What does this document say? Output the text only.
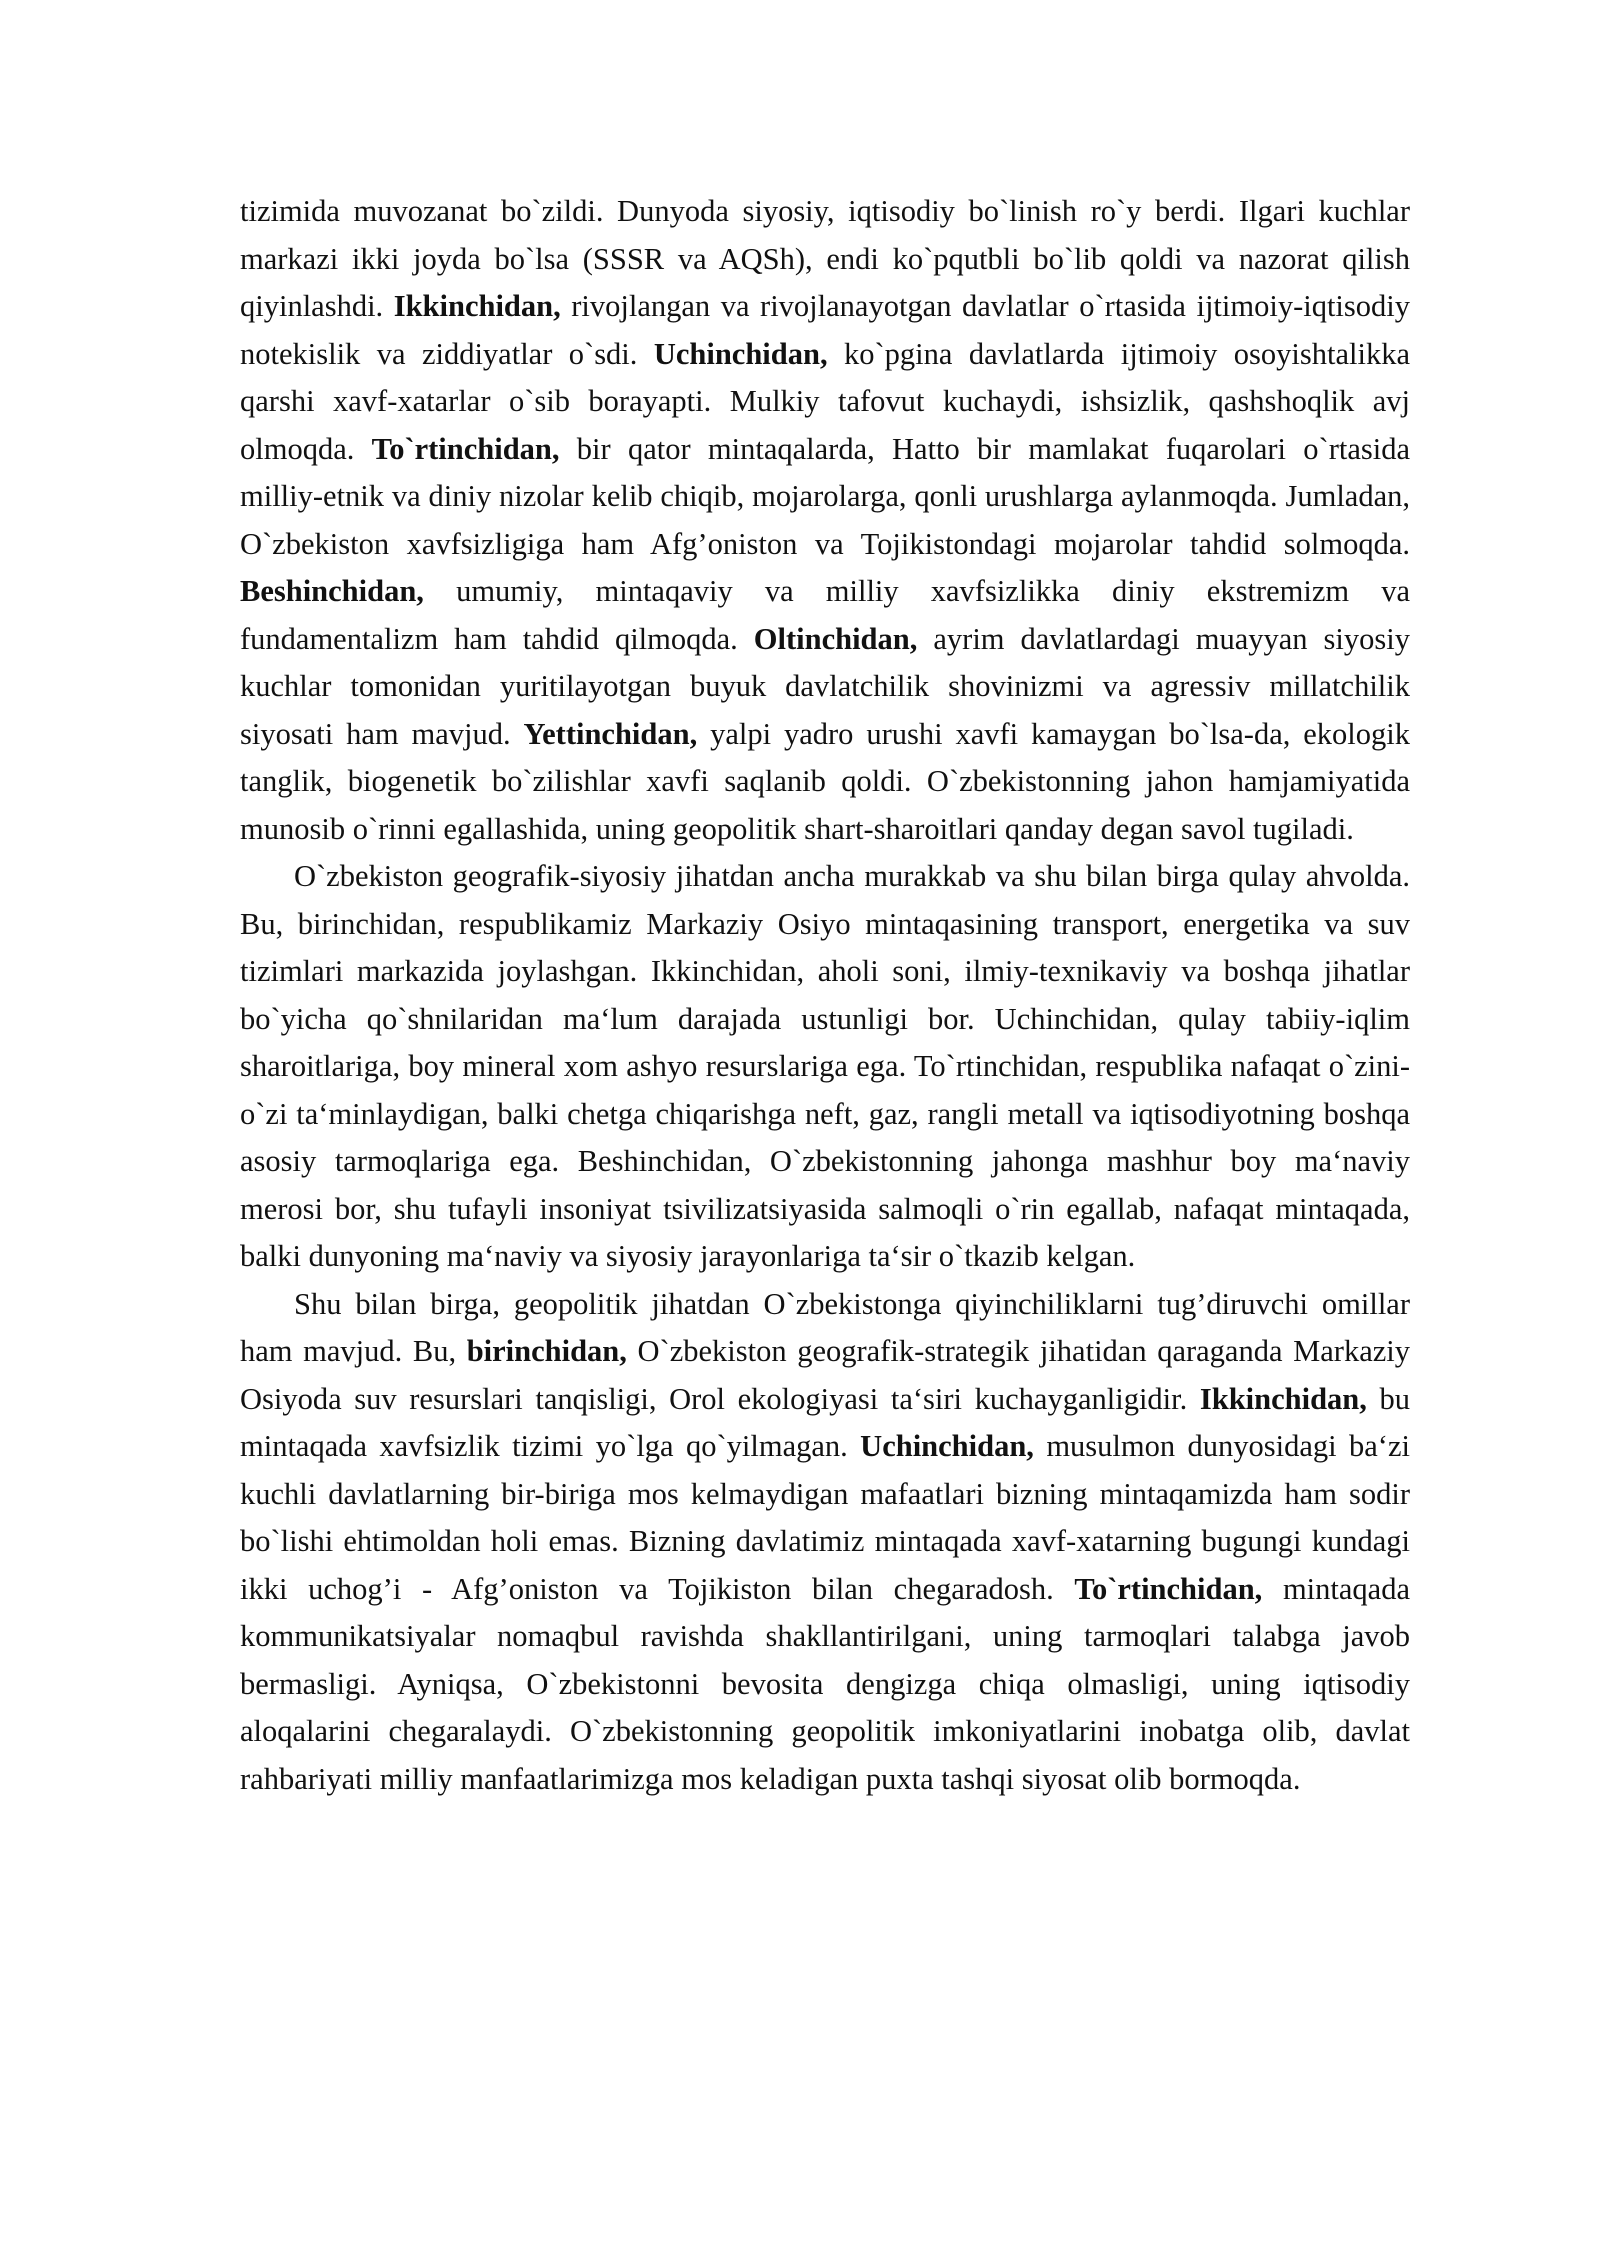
tizimida muvozanat bo`zildi. Dunyoda siyosiy, iqtisodiy bo`linish ro`y berdi. Ilgari kuchlar markazi ikki joyda bo`lsa (SSSR va AQSh), endi ko`pqutbli bo`lib qoldi va nazorat qilish qiyinlashdi. Ikkinchidan, rivojlangan va rivojlanayotgan davlatlar o`rtasida ijtimoiy-iqtisodiy notekislik va ziddiyatlar o`sdi. Uchinchidan, ko`pgina davlatlarda ijtimoiy osoyishtalikka qarshi xavf-xatarlar o`sib borayapti. Mulkiy tafovut kuchaydi, ishsizlik, qashshoqlik avj olmoqda. To`rtinchidan, bir qator mintaqalarda, Hatto bir mamlakat fuqarolari o`rtasida milliy-etnik va diniy nizolar kelib chiqib, mojarolarga, qonli urushlarga aylanmoqda. Jumladan, O`zbekiston xavfsizligiga ham Afg’oniston va Tojikistondagi mojarolar tahdid solmoqda. Beshinchidan, umumiy, mintaqaviy va milliy xavfsizlikka diniy ekstremizm va fundamentalizm ham tahdid qilmoqda. Oltinchidan, ayrim davlatlardagi muayyan siyosiy kuchlar tomonidan yuritilayotgan buyuk davlatchilik shovinizmi va agressiv millatchilik siyosati ham mavjud. Yettinchidan, yalpi yadro urushi xavfi kamaygan bo`lsa-da, ekologik tanglik, biogenetik bo`zilishlar xavfi saqlanib qoldi. O`zbekistonning jahon hamjamiyatida munosib o`rinni egallashida, uning geopolitik shart-sharoitlari qanday degan savol tugiladi.

O`zbekiston geografik-siyosiy jihatdan ancha murakkab va shu bilan birga qulay ahvolda. Bu, birinchidan, respublikamiz Markaziy Osiyo mintaqasining transport, energetika va suv tizimlari markazida joylashgan. Ikkinchidan, aholi soni, ilmiy-texnikaviy va boshqa jihatlar bo`yicha qo`shnilaridan ma‘lum darajada ustunligi bor. Uchinchidan, qulay tabiiy-iqlim sharoitlariga, boy mineral xom ashyo resurslariga ega. To`rtinchidan, respublika nafaqat o`zini-o`zi ta‘minlaydigan, balki chetga chiqarishga neft, gaz, rangli metall va iqtisodiyotning boshqa asosiy tarmoqlariga ega. Beshinchidan, O`zbekistonning jahonga mashhur boy ma‘naviy merosi bor, shu tufayli insoniyat tsivilizatsiyasida salmoqli o`rin egallab, nafaqat mintaqada, balki dunyoning ma‘naviy va siyosiy jarayonlariga ta‘sir o`tkazib kelgan.

Shu bilan birga, geopolitik jihatdan O`zbekistonga qiyinchiliklarni tug’diruvchi omillar ham mavjud. Bu, birinchidan, O`zbekiston geografik-strategik jihatidan qaraganda Markaziy Osiyoda suv resurslari tanqisligi, Orol ekologiyasi ta‘siri kuchayganligidir. Ikkinchidan, bu mintaqada xavfsizlik tizimi yo`lga qo`yilmagan. Uchinchidan, musulmon dunyosidagi ba‘zi kuchli davlatlarning bir-biriga mos kelmaydigan mafaatlari bizning mintaqamizda ham sodir bo`lishi ehtimoldan holi emas. Bizning davlatimiz mintaqada xavf-xatarning bugungi kundagi ikki uchog’i - Afg’oniston va Tojikiston bilan chegaradosh. To`rtinchidan, mintaqada kommunikatsiyalar nomaqbul ravishda shakllantirilgani, uning tarmoqlari talabga javob bermasligi. Ayniqsa, O`zbekistonni bevosita dengizga chiqa olmasligi, uning iqtisodiy aloqalarini chegaralaydi. O`zbekistonning geopolitik imkoniyatlarini inobatga olib, davlat rahbariyati milliy manfaatlarimizga mos keladigan puxta tashqi siyosat olib bormoqda.
